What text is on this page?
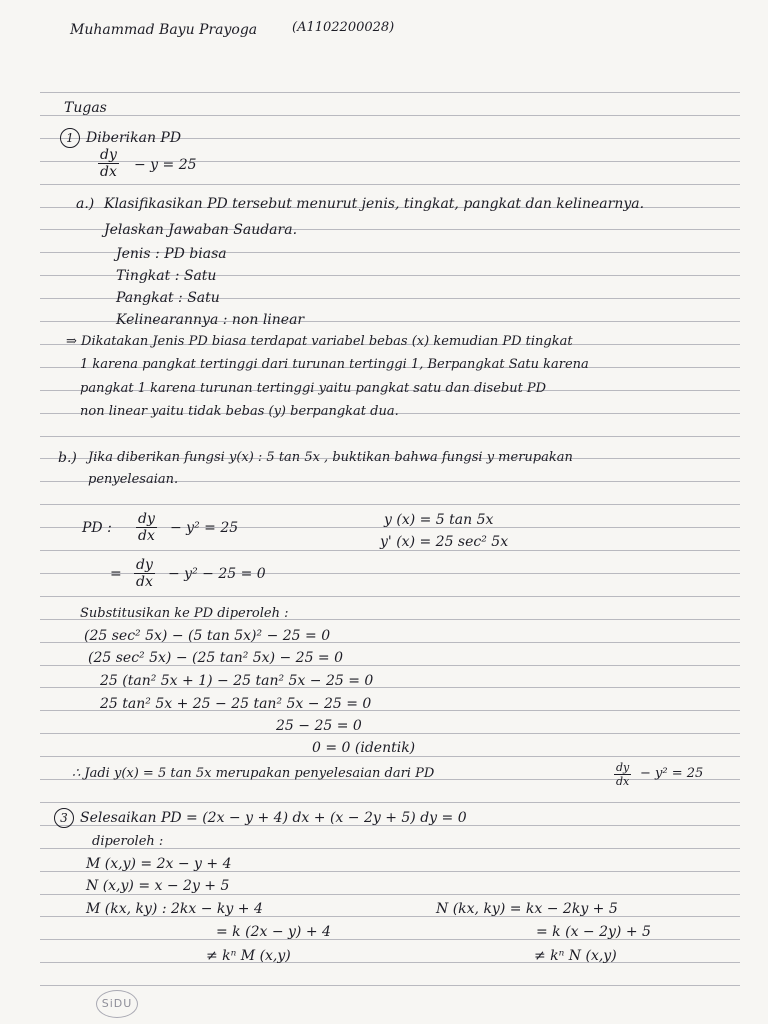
Muhammad Bayu Prayoga	(A1102200028)
Tugas
1 Diberikan PD
$\frac{dy}{dx} - y = 25$
a.) Klasifikasikan PD tersebut menurut jenis, tingkat, pangkat dan kelinearnya.
Jelaskan Jawaban Saudara.
Jenis : PD biasa
Tingkat : Satu
Pangkat : Satu
Kelinearannya : non linear
⇒ Dikatakan Jenis PD biasa terdapat variabel bebas (x) kemudian PD tingkat
1 karena pangkat tertinggi dari turunan tertinggi 1, Berpangkat Satu karena
pangkat 1 karena turunan tertinggi yaitu pangkat satu dan disebut PD
non linear yaitu tidak bebas (y) berpangkat dua.
b.) Jika diberikan fungsi y(x) : 5 tan 5x , buktikan bahwa fungsi y merupakan
penyelesaian.
PD : $\frac{dy}{dx} - y^2 = 25$	y (x) = 5 tan 5x
y' (x) = 25 sec² 5x
= $\frac{dy}{dx} - y^2 - 25 = 0$
Substitusikan ke PD diperoleh :
(25 sec² 5x) − (5 tan 5x)² − 25 = 0
(25 sec² 5x) − (25 tan² 5x) − 25 = 0
25 (tan² 5x + 1) − 25 tan² 5x − 25 = 0
25 tan² 5x + 25 − 25 tan² 5x − 25 = 0
25 − 25 = 0
0 = 0 (identik)
∴ Jadi y(x) = 5 tan 5x merupakan penyelesaian dari PD	$\frac{dy}{dx} - y^2 = 25$
3 Selesaikan PD = (2x − y + 4) dx + (x − 2y + 5) dy = 0
diperoleh :
M (x,y) = 2x − y + 4
N (x,y) = x − 2y + 5
M (kx, ky) : 2kx − ky + 4
= k (2x − y) + 4
≠ kⁿ M (x,y)
N (kx, ky) = kx − 2ky + 5
= k (x − 2y) + 5
≠ kⁿ N (x,y)
SiDU
